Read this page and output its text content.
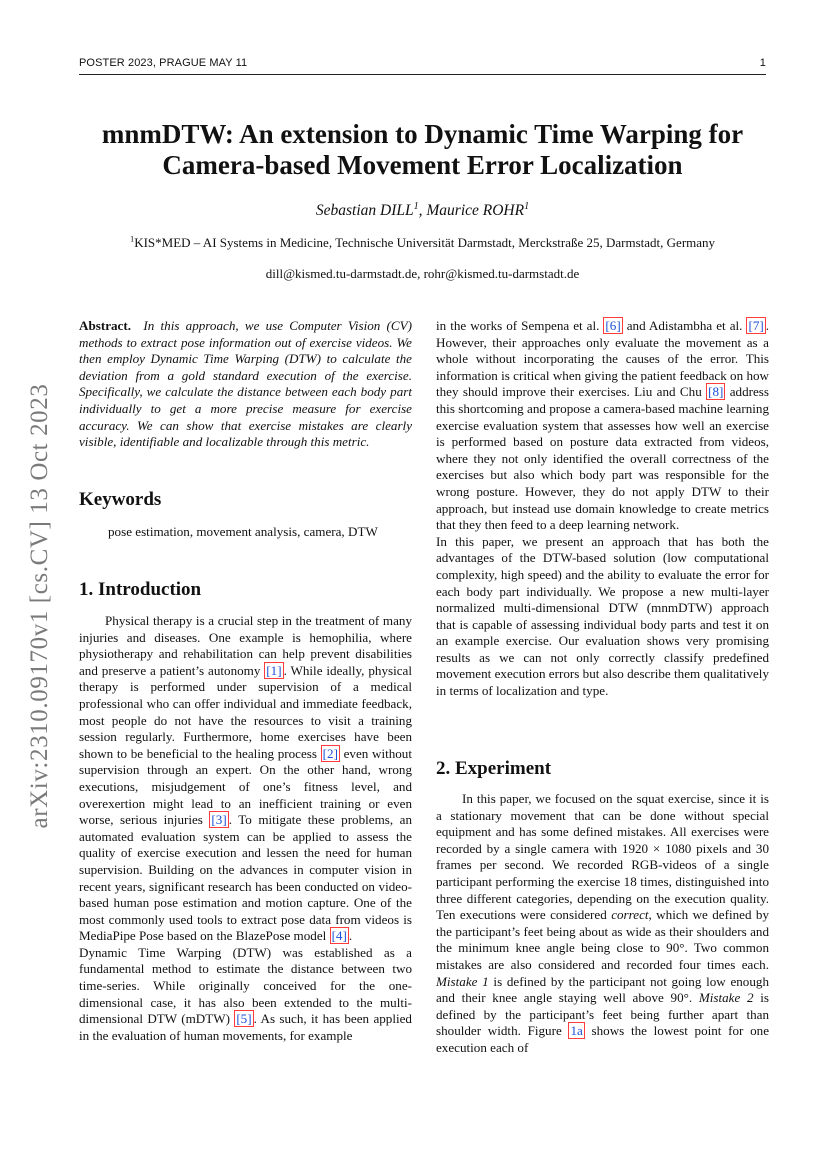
POSTER 2023, PRAGUE MAY 11	1
arXiv:2310.09170v1 [cs.CV] 13 Oct 2023
mnmDTW: An extension to Dynamic Time Warping for
Camera-based Movement Error Localization
Sebastian DILL$^1$, Maurice ROHR$^1$
$^1$KIS*MED – AI Systems in Medicine, Technische Universität Darmstadt, Merckstraße 25, Darmstadt, Germany
dill@kismed.tu-darmstadt.de, rohr@kismed.tu-darmstadt.de

Abstract. In this approach, we use Computer Vision (CV) methods to extract pose information out of exercise videos. We then employ Dynamic Time Warping (DTW) to calculate the deviation from a gold standard execution of the exercise. Specifically, we calculate the distance between each body part individually to get a more precise measure for exercise accuracy. We can show that exercise mistakes are clearly visible, identifiable and localizable through this metric.

Keywords
pose estimation, movement analysis, camera, DTW
1. Introduction

Physical therapy is a crucial step in the treatment of many injuries and diseases. One example is hemophilia, where physiotherapy and rehabilitation can help prevent disabilities and preserve a patient’s autonomy [1] . While ideally, physical therapy is performed under supervision of a medical professional who can offer individual and immediate feedback, most people do not have the resources to visit a training session regularly. Furthermore, home exercises have been shown to be beneficial to the healing process [2] even without supervision through an expert. On the other hand, wrong executions, misjudgement of one’s fitness level, and overexertion might lead to an inefficient training or even worse, serious injuries [3] . To mitigate these problems, an automated evaluation system can be applied to assess the quality of exercise execution and lessen the need for human supervision. Building on the advances in computer vision in recent years, significant research has been conducted on video-based human pose estimation and motion capture. One of the most commonly used tools to extract pose data from videos is MediaPipe Pose based on the BlazePose model [4] .

Dynamic Time Warping (DTW) was established as a fundamental method to estimate the distance between two time-series. While originally conceived for the one-dimensional case, it has also been extended to the multi-dimensional DTW (mDTW) [5] . As such, it has been applied in the evaluation of human movements, for example

in the works of Sempena et al. [6] and Adistambha et al. [7] . However, their approaches only evaluate the movement as a whole without incorporating the causes of the error. This information is critical when giving the patient feedback on how they should improve their exercises. Liu and Chu [8] address this shortcoming and propose a camera-based machine learning exercise evaluation system that assesses how well an exercise is performed based on posture data extracted from videos, where they not only identified the overall correctness of the exercises but also which body part was responsible for the wrong posture. However, they do not apply DTW to their approach, but instead use domain knowledge to create metrics that they then feed to a deep learning network.

In this paper, we present an approach that has both the advantages of the DTW-based solution (low computational complexity, high speed) and the ability to evaluate the error for each body part individually. We propose a new multi-layer normalized multi-dimensional DTW (mnmDTW) approach that is capable of assessing individual body parts and test it on an example exercise. Our evaluation shows very promising results as we can not only correctly classify predefined movement execution errors but also describe them qualitatively in terms of localization and type.

2. Experiment

In this paper, we focused on the squat exercise, since it is a stationary movement that can be done without special equipment and has some defined mistakes. All exercises were recorded by a single camera with 1920 × 1080 pixels and 30 frames per second. We recorded RGB-videos of a single participant performing the exercise 18 times, distinguished into three different categories, depending on the execution quality. Ten executions were considered correct, which we defined by the participant’s feet being about as wide as their shoulders and the minimum knee angle being close to 90°. Two common mistakes are also considered and recorded four times each. Mistake 1 is defined by the participant not going low enough and their knee angle staying well above 90°. Mistake 2 is defined by the participant’s feet being further apart than shoulder width. Figure 1a shows the lowest point for one execution each of
